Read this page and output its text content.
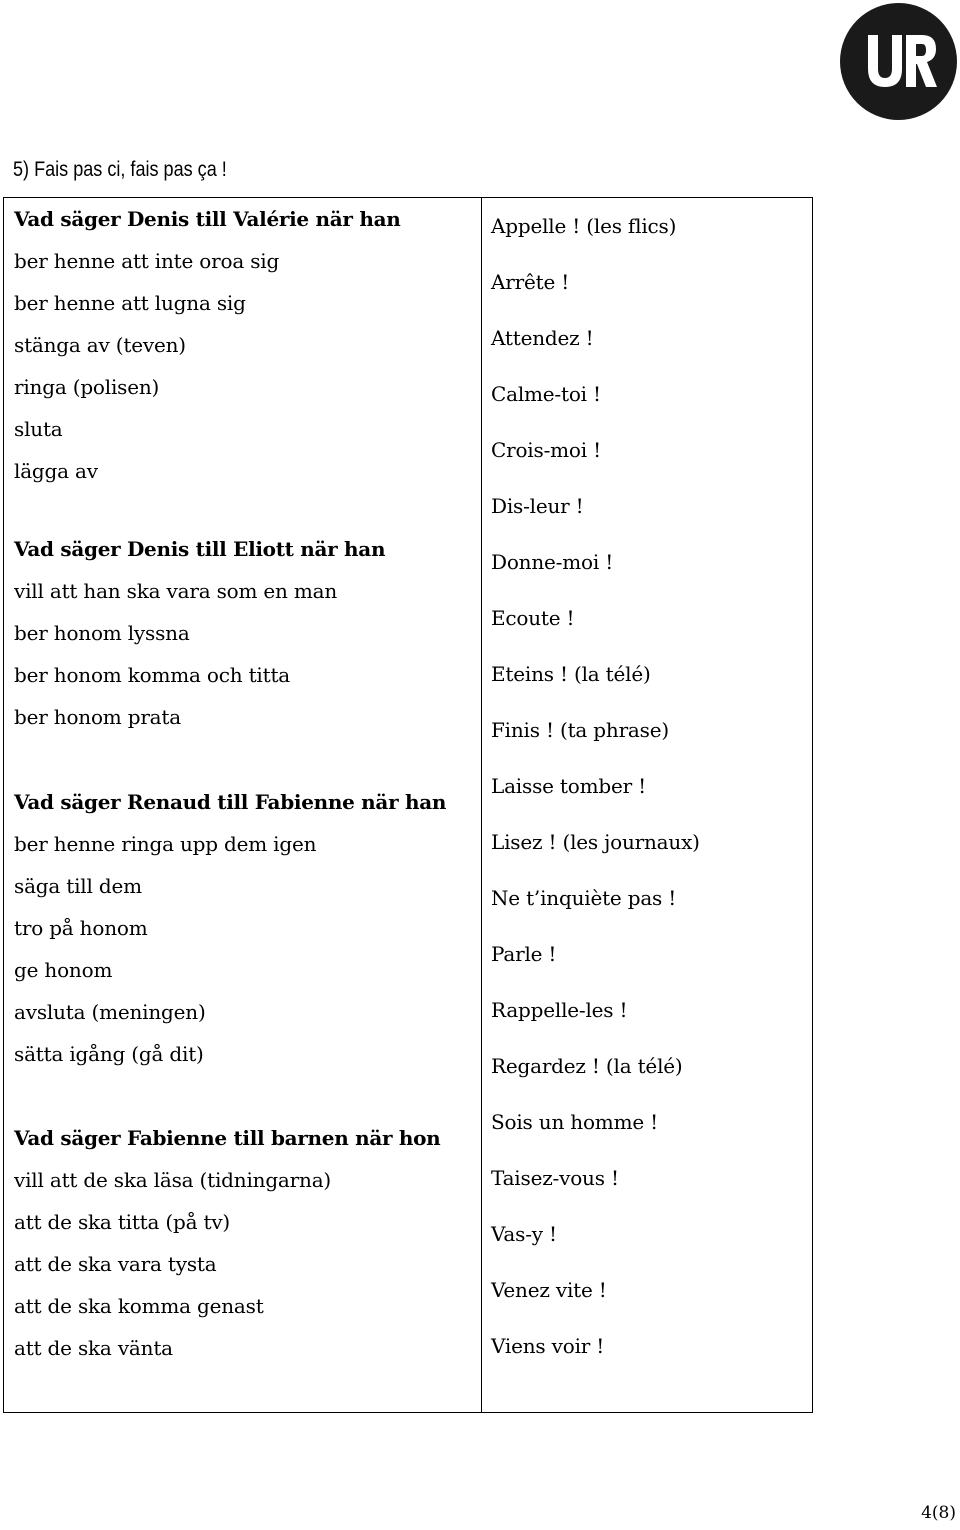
5) Fais pas ci, fais pas ça !
Vad säger Denis till Valérie när han
ber henne att inte oroa sig
ber henne att lugna sig
stänga av (teven)
ringa (polisen)
sluta
lägga av
Vad säger Denis till Eliott när han
vill att han ska vara som en man
ber honom lyssna
ber honom komma och titta
ber honom prata
Vad säger Renaud till Fabienne när han
ber henne ringa upp dem igen
säga till dem
tro på honom
ge honom
avsluta (meningen)
sätta igång (gå dit)
Vad säger Fabienne till barnen när hon
vill att de ska läsa (tidningarna)
att de ska titta (på tv)
att de ska vara tysta
att de ska komma genast
att de ska vänta
Appelle ! (les flics)
Arrête !
Attendez !
Calme-toi !
Crois-moi !
Dis-leur !
Donne-moi !
Ecoute !
Eteins ! (la télé)
Finis ! (ta phrase)
Laisse tomber !
Lisez ! (les journaux)
Ne t’inquiète pas !
Parle !
Rappelle-les !
Regardez ! (la télé)
Sois un homme !
Taisez-vous !
Vas-y !
Venez vite !
Viens voir !
4(8)
